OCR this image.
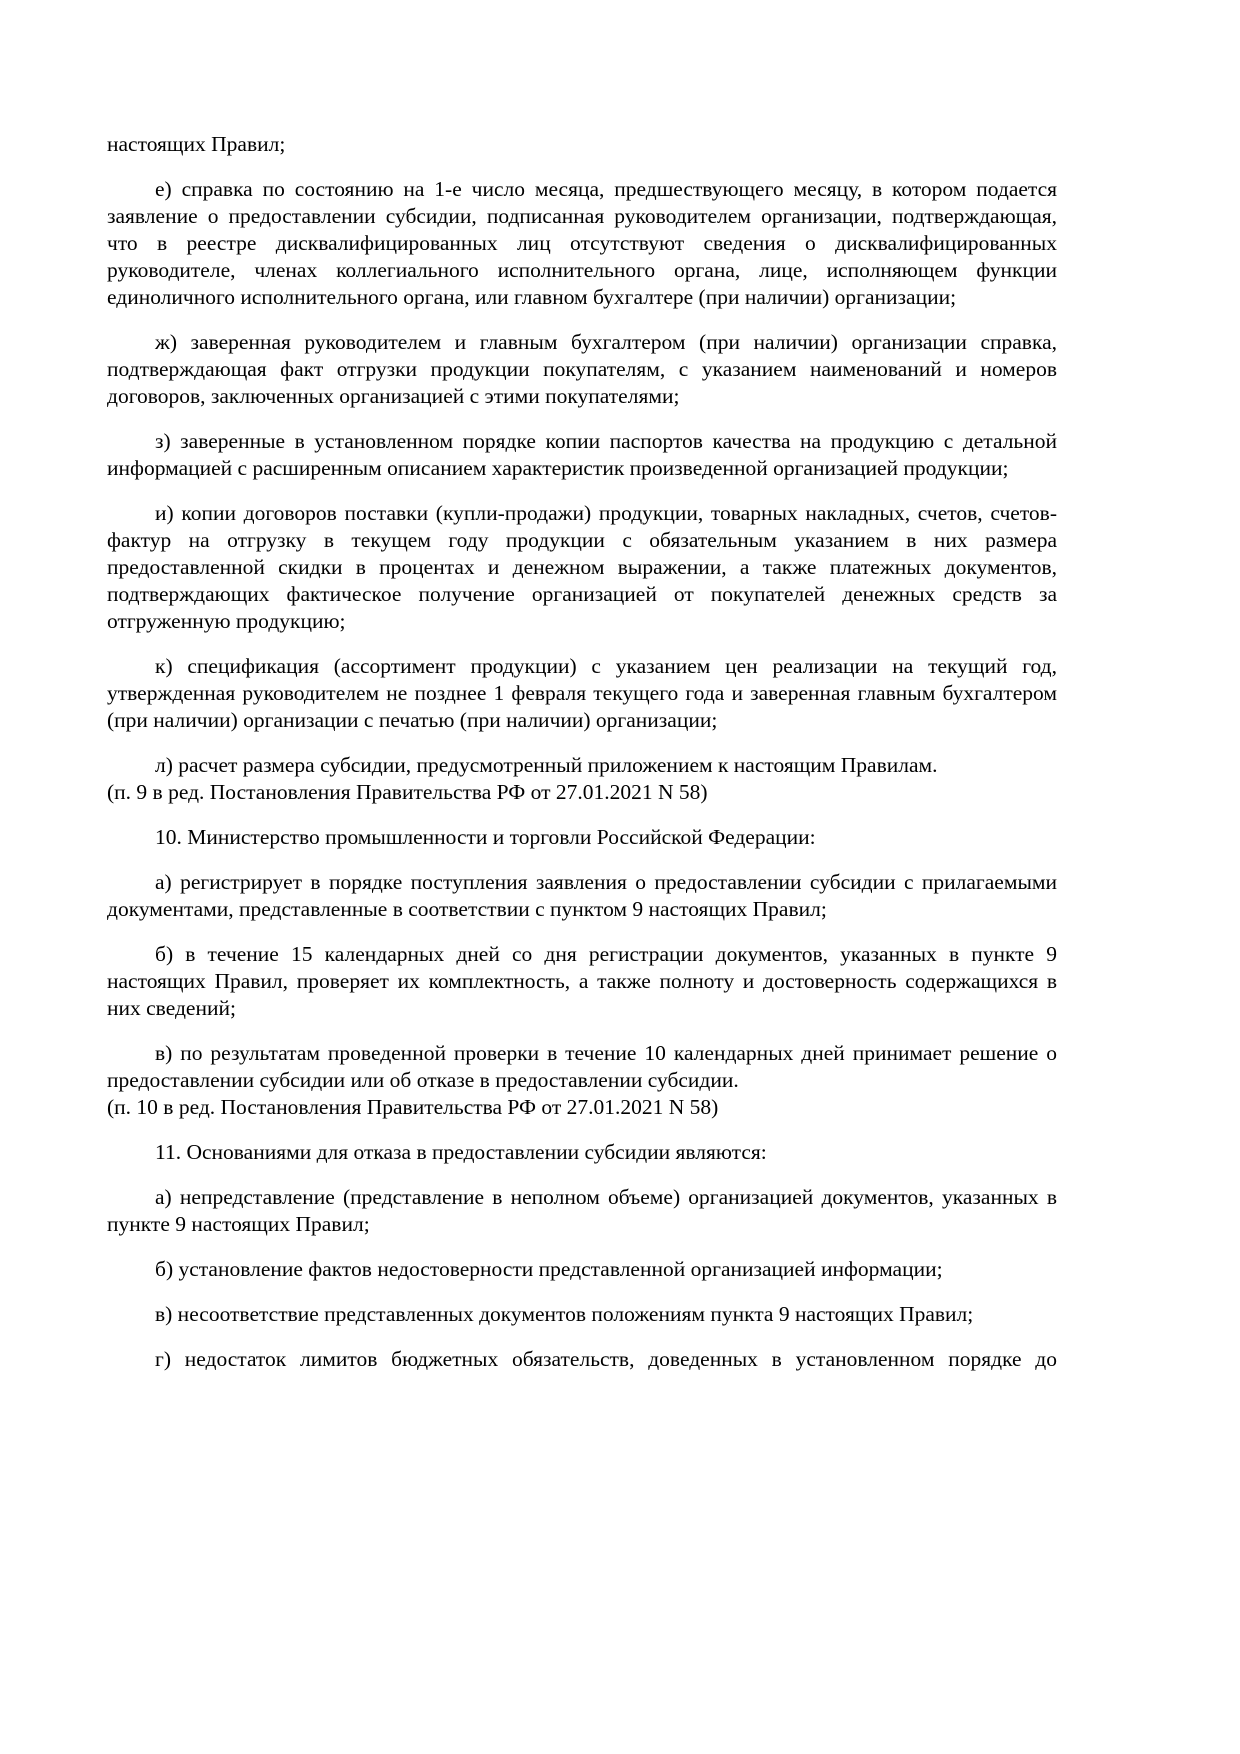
настоящих Правил;

е) справка по состоянию на 1-е число месяца, предшествующего месяцу, в котором подается заявление о предоставлении субсидии, подписанная руководителем организации, подтверждающая, что в реестре дисквалифицированных лиц отсутствуют сведения о дисквалифицированных руководителе, членах коллегиального исполнительного органа, лице, исполняющем функции единоличного исполнительного органа, или главном бухгалтере (при наличии) организации;

ж) заверенная руководителем и главным бухгалтером (при наличии) организации справка, подтверждающая факт отгрузки продукции покупателям, с указанием наименований и номеров договоров, заключенных организацией с этими покупателями;

з) заверенные в установленном порядке копии паспортов качества на продукцию с детальной информацией с расширенным описанием характеристик произведенной организацией продукции;

и) копии договоров поставки (купли-продажи) продукции, товарных накладных, счетов, счетов-фактур на отгрузку в текущем году продукции с обязательным указанием в них размера предоставленной скидки в процентах и денежном выражении, а также платежных документов, подтверждающих фактическое получение организацией от покупателей денежных средств за отгруженную продукцию;

к) спецификация (ассортимент продукции) с указанием цен реализации на текущий год, утвержденная руководителем не позднее 1 февраля текущего года и заверенная главным бухгалтером (при наличии) организации с печатью (при наличии) организации;

л) расчет размера субсидии, предусмотренный приложением к настоящим Правилам.

(п. 9 в ред. Постановления Правительства РФ от 27.01.2021 N 58)

10. Министерство промышленности и торговли Российской Федерации:

а) регистрирует в порядке поступления заявления о предоставлении субсидии с прилагаемыми документами, представленные в соответствии с пунктом 9 настоящих Правил;

б) в течение 15 календарных дней со дня регистрации документов, указанных в пункте 9 настоящих Правил, проверяет их комплектность, а также полноту и достоверность содержащихся в них сведений;

в) по результатам проведенной проверки в течение 10 календарных дней принимает решение о предоставлении субсидии или об отказе в предоставлении субсидии.

(п. 10 в ред. Постановления Правительства РФ от 27.01.2021 N 58)

11. Основаниями для отказа в предоставлении субсидии являются:

а) непредставление (представление в неполном объеме) организацией документов, указанных в пункте 9 настоящих Правил;

б) установление фактов недостоверности представленной организацией информации;

в) несоответствие представленных документов положениям пункта 9 настоящих Правил;

г) недостаток лимитов бюджетных обязательств, доведенных в установленном порядке до
